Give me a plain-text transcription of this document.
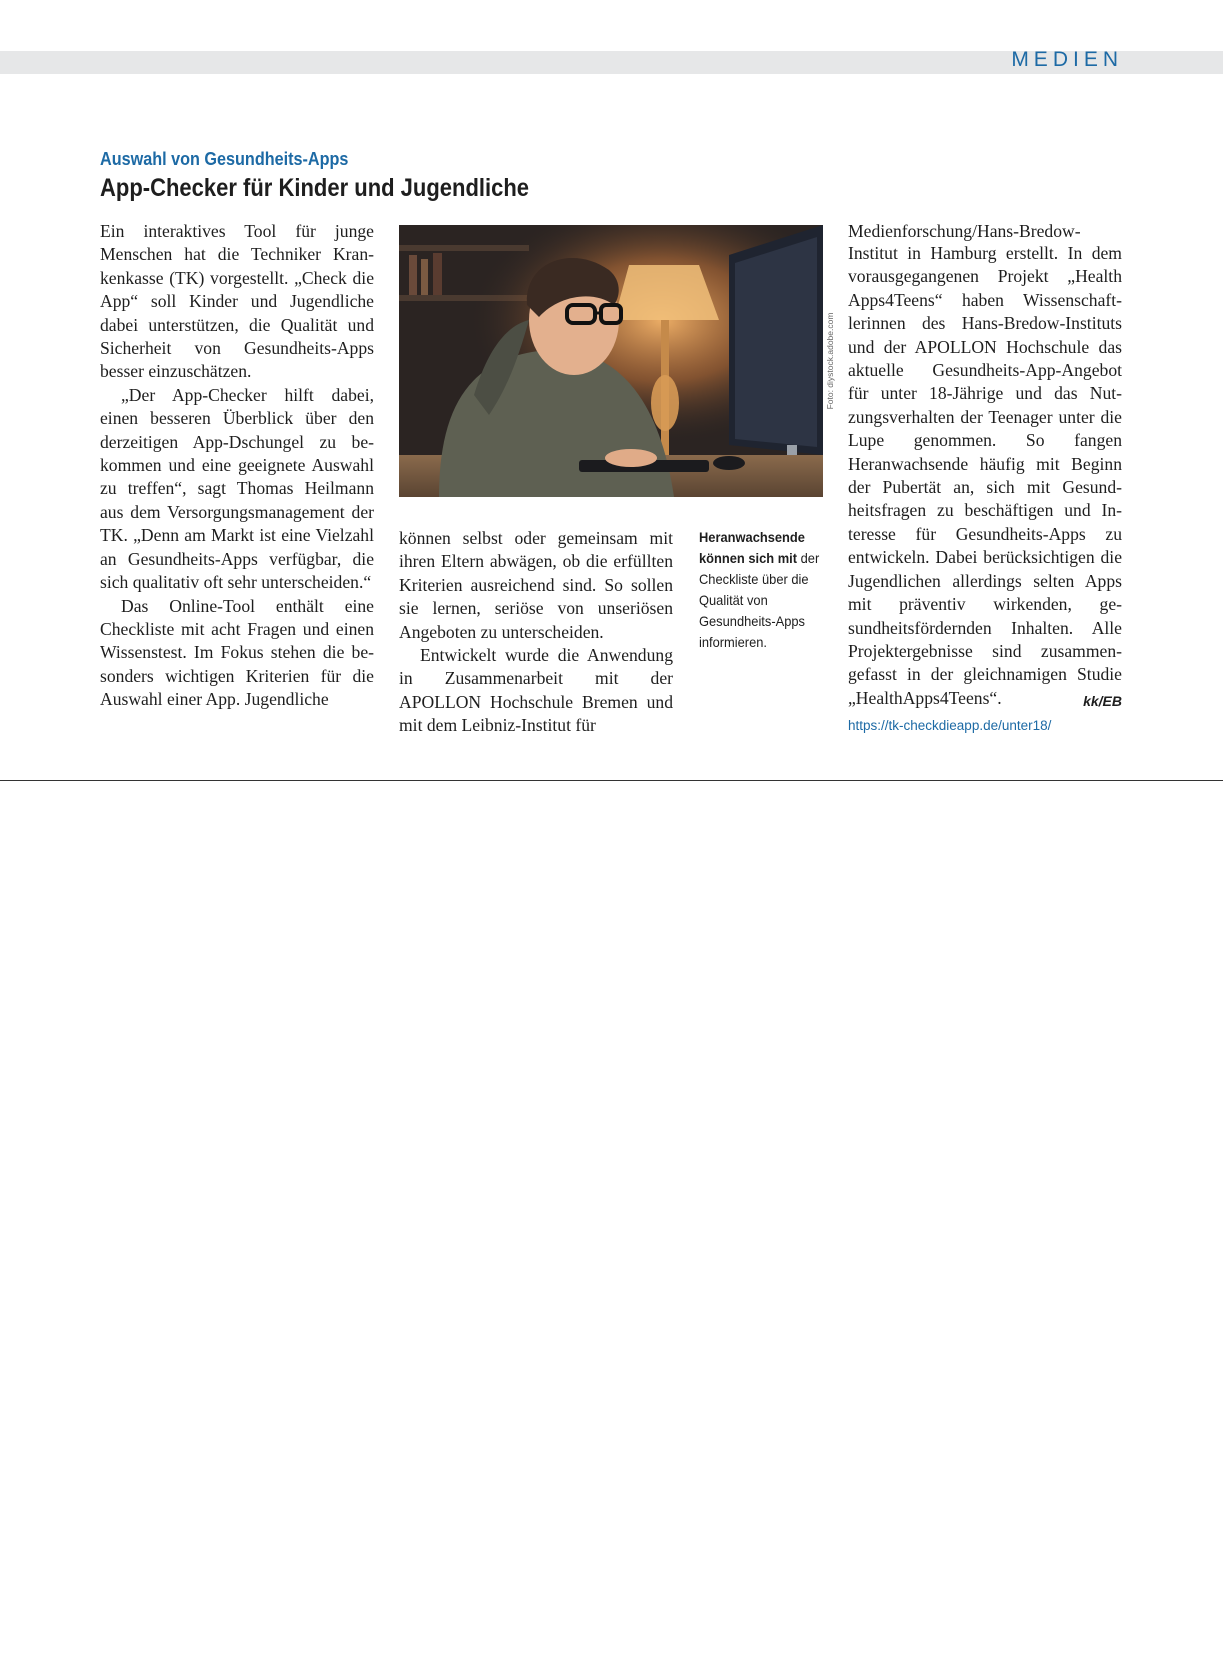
MEDIEN
Auswahl von Gesundheits-Apps
App-Checker für Kinder und Jugendliche

Ein interaktives Tool für junge Menschen hat die Techniker Krankenkasse (TK) vorgestellt. „Check die App“ soll Kinder und Jugendliche dabei unterstützen, die Qualität und Sicherheit von Gesundheits-Apps besser einzuschätzen.

„Der App-Checker hilft dabei, einen besseren Überblick über den derzeitigen App-Dschungel zu bekommen und eine geeignete Auswahl zu treffen“, sagt Thomas Heilmann aus dem Versorgungsmanagement der TK. „Denn am Markt ist eine Vielzahl an Gesundheits-Apps verfügbar, die sich qualitativ oft sehr unterscheiden.“

Das Online-Tool enthält eine Checkliste mit acht Fragen und einen Wissenstest. Im Fokus stehen die besonders wichtigen Kriterien für die Auswahl einer App. Jugendliche

Foto: diystock.adobe.com

können selbst oder gemeinsam mit ihren Eltern abwägen, ob die erfüllten Kriterien ausreichend sind. So sollen sie lernen, seriöse von unseriösen Angeboten zu unterscheiden.

Entwickelt wurde die Anwendung in Zusammenarbeit mit der APOLLON Hochschule Bremen und mit dem Leibniz-Institut für

Heranwachsende können sich mit der Checkliste über die Qualität von Gesundheits-Apps informieren.
Medienforschung/Hans-Bredow-

Institut in Hamburg erstellt. In dem vorausgegangenen Projekt „Health Apps4Teens“ haben Wissenschaftlerinnen des Hans-Bredow-Instituts und der APOLLON Hochschule das aktuelle Gesundheits-App-Angebot für unter 18-Jährige und das Nutzungsverhalten der Teenager unter die Lupe genommen. So fangen Heranwachsende häufig mit Beginn der Pubertät an, sich mit Gesundheitsfragen zu beschäftigen und Interesse für Gesundheits-Apps zu entwickeln. Dabei berücksichtigen die Jugendlichen allerdings selten Apps mit präventiv wirkenden, gesundheitsfördernden Inhalten. Alle Projektergebnisse sind zusammengefasst in der gleichnamigen Studie „HealthApps4Teens“.	kk/EB

https://tk-checkdieapp.de/unter18/
